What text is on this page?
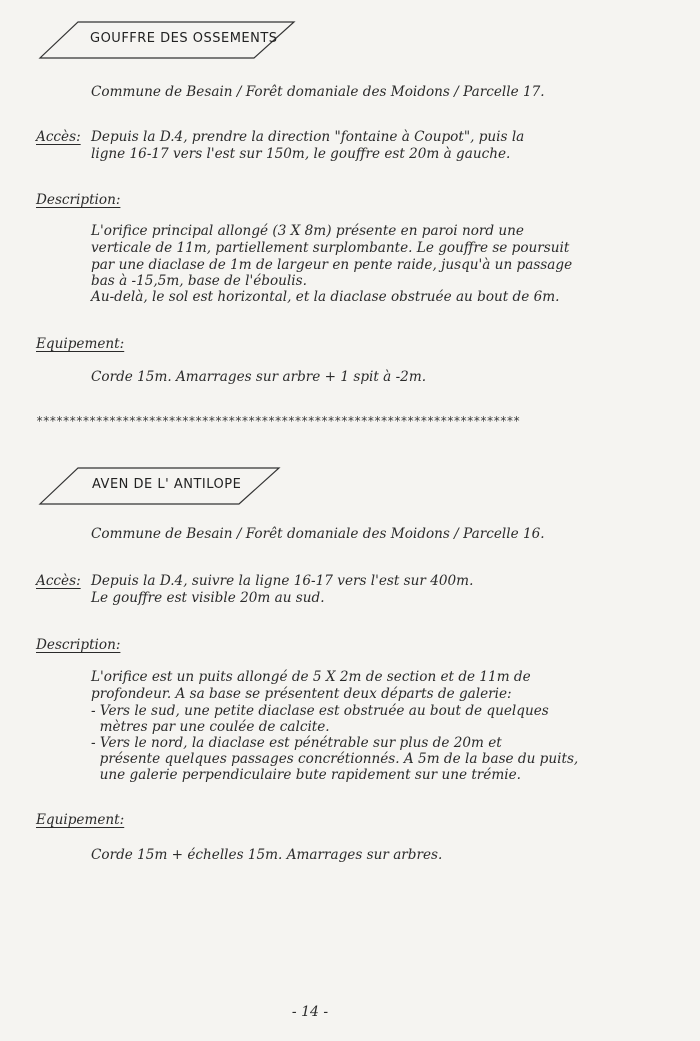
GOUFFRE DES OSSEMENTS
Commune de Besain / Forêt domaniale des Moidons / Parcelle 17.
Accès: Depuis la D.4, prendre la direction "fontaine à Coupot", puis la
ligne 16-17 vers l'est sur 150m, le gouffre est 20m à gauche.
Description:
L'orifice principal allongé (3 X 8m) présente en paroi nord une
verticale de 11m, partiellement surplombante. Le gouffre se poursuit
par une diaclase de 1m de largeur en pente raide, jusqu'à un passage
bas à -15,5m, base de l'éboulis.
Au-delà, le sol est horizontal, et la diaclase obstruée au bout de 6m.
Equipement:
Corde 15m. Amarrages sur arbre + 1 spit à -2m.
*************************************************************************
AVEN DE L' ANTILOPE
Commune de Besain / Forêt domaniale des Moidons / Parcelle 16.
Accès: Depuis la D.4, suivre la ligne 16-17 vers l'est sur 400m.
Le gouffre est visible 20m au sud.
Description:
L'orifice est un puits allongé de 5 X 2m de section et de 11m de
profondeur. A sa base se présentent deux départs de galerie:
- Vers le sud, une petite diaclase est obstruée au bout de quelques
mètres par une coulée de calcite.
- Vers le nord, la diaclase est pénétrable sur plus de 20m et
présente quelques passages concrétionnés. A 5m de la base du puits,
une galerie perpendiculaire bute rapidement sur une trémie.
Equipement:
Corde 15m + échelles 15m. Amarrages sur arbres.
- 14 -
